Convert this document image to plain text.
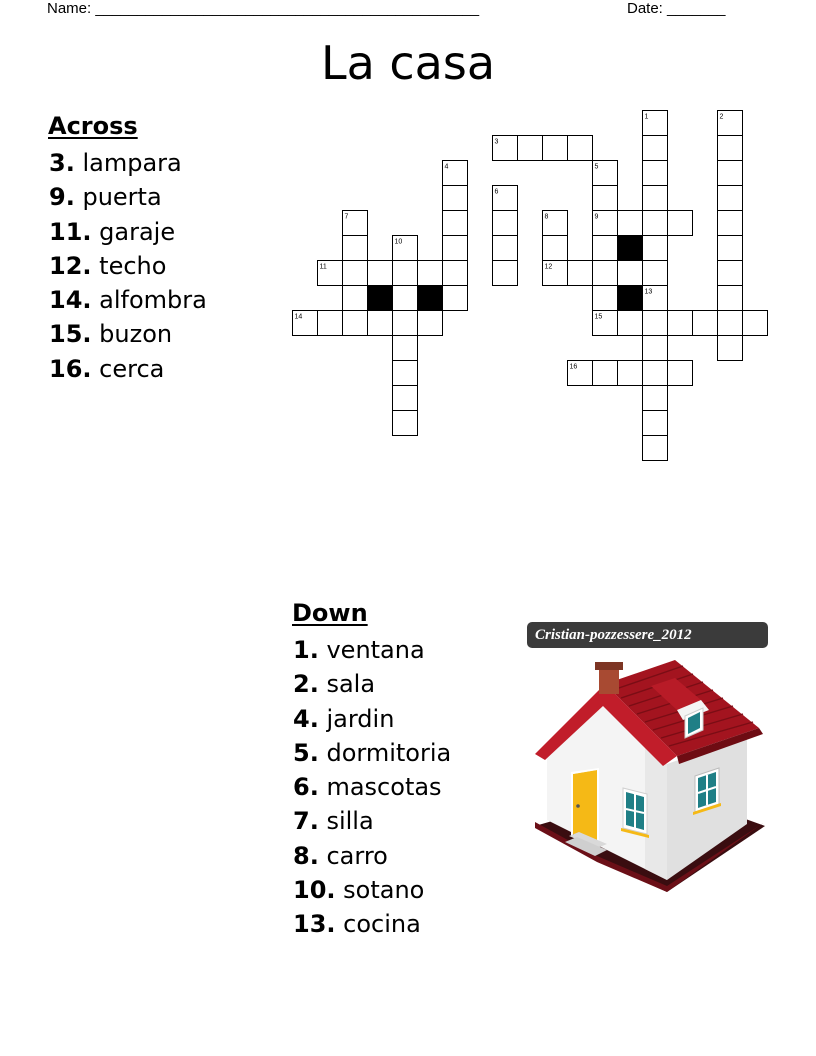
Name: ______________________________________________	Date: _______
La casa
Across
3. lampara
9. puerta
11. garaje
12. techo
14. alfombra
15. buzon
16. cerca
1	2
3
4	5
6
7	8	9
10
11	12
13
14	15
16
Down
1. ventana
2. sala
4. jardin
5. dormitoria
6. mascotas
7. silla
8. carro
10. sotano
13. cocina
Cristian-pozzessere_2012
